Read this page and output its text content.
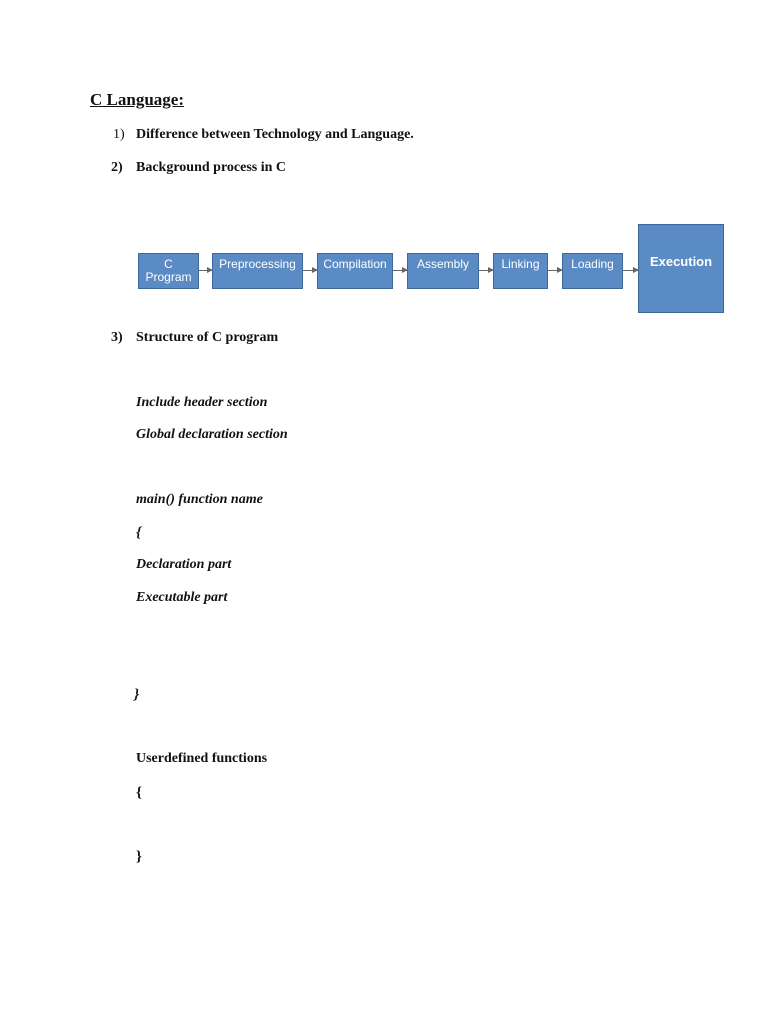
C Language:
1) Difference between Technology and Language.
2) Background process in C
C
Program
Preprocessing Compilation	Assembly	Linking	Loading	Execution
3) Structure of C program
Include header section
Global declaration section
main() function name
{
Declaration part
Executable part
}
Userdefined functions
{
}
